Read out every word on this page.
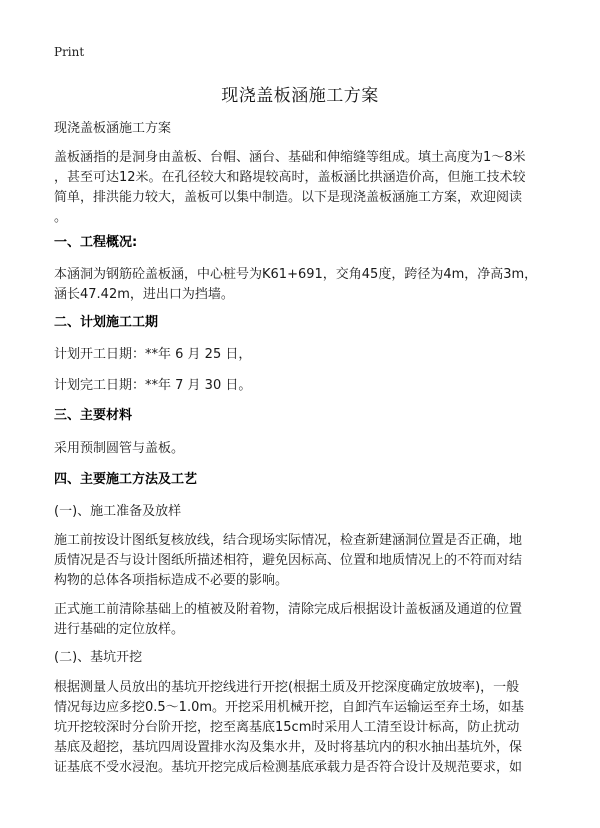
Print
现浇盖板涵施工方案

现浇盖板涵施工方案

盖板涵指的是洞身由盖板、台帽、涵台、基础和伸缩缝等组成。填土高度为1～8米

，甚至可达12米。在孔径较大和路堤较高时，盖板涵比拱涵造价高，但施工技术较

简单，排洪能力较大，盖板可以集中制造。以下是现浇盖板涵施工方案，欢迎阅读

。

一、工程概况:

本涵洞为钢筋砼盖板涵，中心桩号为K61+691，交角45度，跨径为4m，净高3m，

涵长47.42m，进出口为挡墙。

二、计划施工工期

计划开工日期：**年 6 月 25 日，

计划完工日期：**年 7 月 30 日。

三、主要材料

采用预制圆管与盖板。

四、主要施工方法及工艺

(一)、施工准备及放样

施工前按设计图纸复核放线，结合现场实际情况，检查新建涵洞位置是否正确，地

质情况是否与设计图纸所描述相符，避免因标高、位置和地质情况上的不符而对结

构物的总体各项指标造成不必要的影响。

正式施工前清除基础上的植被及附着物，清除完成后根据设计盖板涵及通道的位置

进行基础的定位放样。

(二)、基坑开挖

根据测量人员放出的基坑开挖线进行开挖(根据土质及开挖深度确定放坡率)，一般

情况每边应多挖0.5～1.0m。开挖采用机械开挖，自卸汽车运输运至弃土场，如基

坑开挖较深时分台阶开挖，挖至离基底15cm时采用人工清至设计标高，防止扰动

基底及超挖，基坑四周设置排水沟及集水井，及时将基坑内的积水抽出基坑外，保

证基底不受水浸泡。基坑开挖完成后检测基底承载力是否符合设计及规范要求，如
